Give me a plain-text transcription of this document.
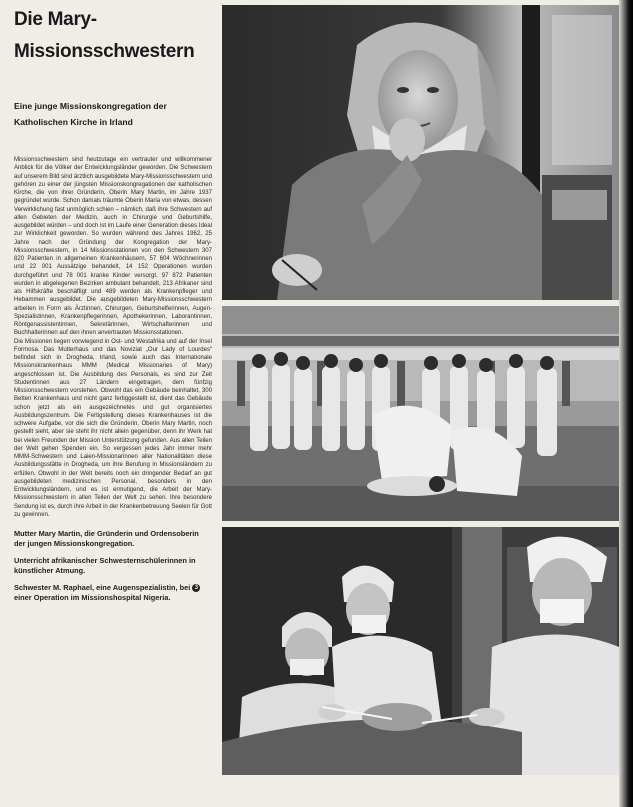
Die Mary-
Missionsschwestern
Eine junge Missionskongregation der Katholischen Kirche in Irland

Missionsschwestern sind heutzutage ein vertrauter und willkommener Anblick für die Völker der Entwicklungsländer geworden. Die Schwestern auf unserem Bild sind ärztlich ausgebildete Mary-Missionsschwestern und gehören zu einer der jüngsten Missionskongregationen der katholischen Kirche, die von ihrer Gründerin, Oberin Mary Martin, im Jahre 1937 gegründet wurde. Schon damals träumte Oberin Maria von etwas, dessen Verwirklichung fast unmöglich schien – nämlich, daß ihre Schwestern auf allen Gebieten der Medizin, auch in Chirurgie und Geburtshilfe, ausgebildet würden – und doch ist im Laufe einer Generation dieses Ideal zur Wirklichkeit geworden. So wurden während des Jahres 1962, 25 Jahre nach der Gründung der Kongregation der Mary-Missionsschwestern, in 14 Missionsstationen von den Schwestern 307 820 Patienten in allgemeinen Krankenhäusern, 57 604 Wöchnerinnen und 22 001 Aussätzige behandelt, 14 152 Operationen wurden durchgeführt und 78 001 kranke Kinder versorgt. 97 872 Patienten wurden in abgelegenen Bezirken ambulant behandelt, 213 Afrikaner sind als Hilfskräfte beschäftigt und 489 werden als Krankenpfleger und Hebammen ausgebildet. Die ausgebildeten Mary-Missionsschwestern arbeiten in Form als Ärztinnen, Chirurgen, Geburtshelferinnen, Augen-Spezialistinnen, Krankenpflegerinnen, Apothekerinnen, Laborantinnen, Röntgenassistentinnen, Sekretärinnen, Wirtschafterinnen und Buchhalterinnen auf den ihnen anvertrauten Missionsstationen.

Die Missionen liegen vorwiegend in Ost- und Westafrika und auf der Insel Formosa. Das Mutterhaus und das Noviziat „Our Lady of Lourdes“ befindet sich in Drogheda, Irland, sowie auch das Internationale Missionskrankenhaus MMM (Medical Missionaries of Mary) angeschlossen ist. Die Ausbildung des Personals, es sind zur Zeit Studentinnen aus 27 Ländern eingetragen, dem fünfzig Missionsschwestern vorstehen. Obwohl das ein Gebäude beinhaltet, 300 Betten Krankenhaus und nicht ganz fertiggestellt ist, dient das Gebäude schon jetzt als ein ausgezeichnetes und gut organisiertes Ausbildungszentrum. Die Fertigstellung dieses Krankenhauses ist die schwere Aufgabe, vor die sich die Gründerin, Oberin Mary Martin, noch gestellt sieht, aber sie steht ihr nicht allein gegenüber, denn ihr Werk hat bei vielen Freunden der Mission Unterstützung gefunden. Aus allen Teilen der Welt gehen Spenden ein. So vergessen jedes Jahr immer mehr MMM-Schwestern und Laien-Missionarinnen aller Nationalitäten diese Ausbildungsstätte in Drogheda, um ihre Berufung in Missionsländern zu erfüllen. Obwohl in der Welt bereits noch ein dringender Bedarf an gut ausgebildeten medizinischen Personal, besonders in den Entwicklungsländern, und es ist ermutigend, die Arbeit der Mary-Missionsschwestern in allen Teilen der Welt zu sehen. Ihre besondere Sendung ist es, durch ihre Arbeit in der Krankenbetreuung Seelen für Gott zu gewinnen.

Mutter Mary Martin, die Gründerin und Ordensoberin der jungen Missionskongregation.
Unterricht afrikanischer Schwesternschülerinnen in künstlicher Atmung.
Schwester M. Raphael, eine Augenspezialistin, bei 3 einer Operation im Missionshospital Nigeria.
